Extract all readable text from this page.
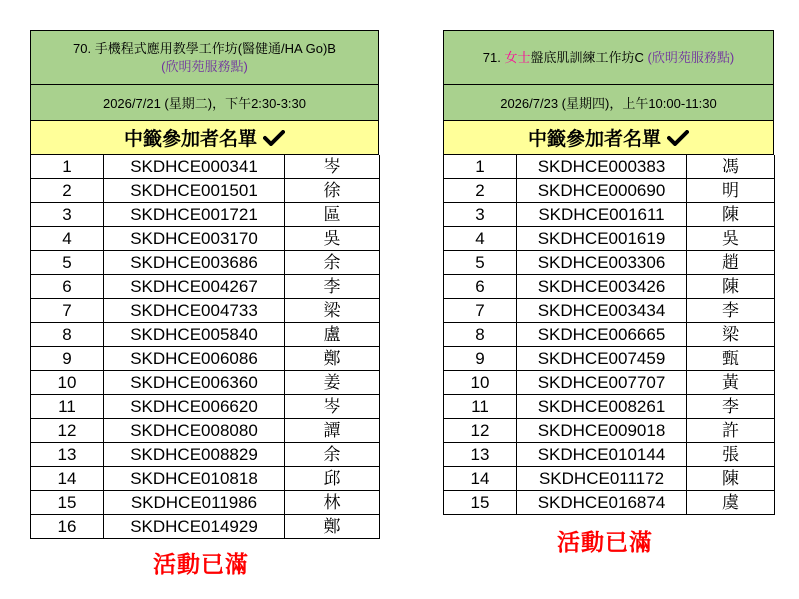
70. 手機程式應用教學工作坊(醫健通/HA Go)B
(欣明苑服務點)
2026/7/21 (星期二)，下午2:30-3:30
中籤參加者名單
1	SKDHCE000341	岑
2	SKDHCE001501	徐
3	SKDHCE001721	區
4	SKDHCE003170	吳
5	SKDHCE003686	余
6	SKDHCE004267	李
7	SKDHCE004733	梁
8	SKDHCE005840	盧
9	SKDHCE006086	鄭
10	SKDHCE006360	姜
11	SKDHCE006620	岑
12	SKDHCE008080	譚
13	SKDHCE008829	余
14	SKDHCE010818	邱
15	SKDHCE011986	林
16	SKDHCE014929	鄭
活動已滿
71. 女士盤底肌訓練工作坊C (欣明苑服務點)
2026/7/23 (星期四)，上午10:00-11:30
中籤參加者名單
1	SKDHCE000383	馮
2	SKDHCE000690	明
3	SKDHCE001611	陳
4	SKDHCE001619	吳
5	SKDHCE003306	趙
6	SKDHCE003426	陳
7	SKDHCE003434	李
8	SKDHCE006665	梁
9	SKDHCE007459	甄
10	SKDHCE007707	黃
11	SKDHCE008261	李
12	SKDHCE009018	許
13	SKDHCE010144	張
14	SKDHCE011172	陳
15	SKDHCE016874	虞
活動已滿
